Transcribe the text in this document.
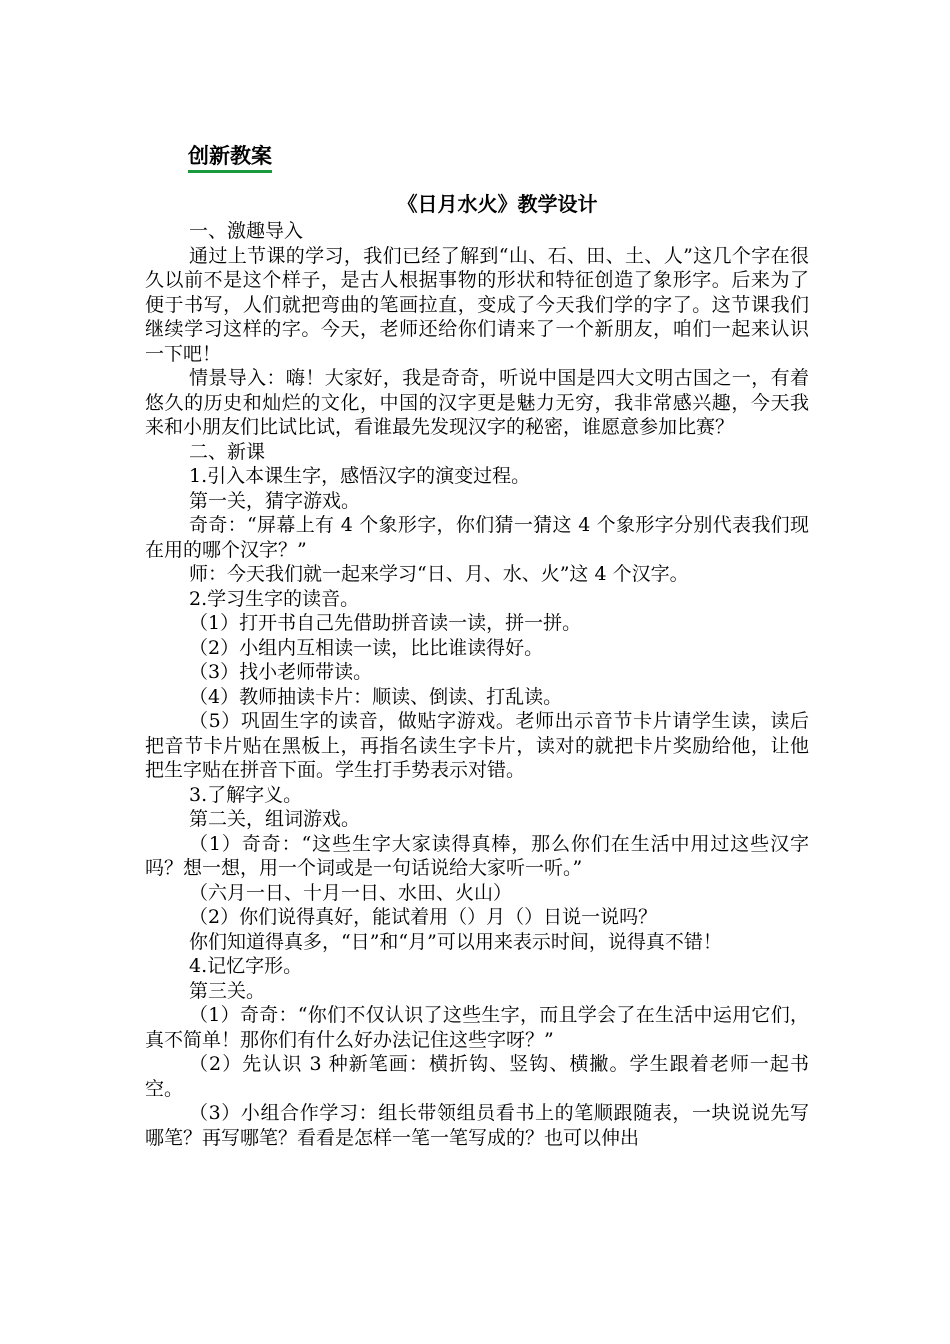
创新教案
《日月水火》教学设计

一、激趣导入

通过上节课的学习，我们已经了解到“山、石、田、土、人”这几个字在很久以前不是这个样子，是古人根据事物的形状和特征创造了象形字。后来为了便于书写，人们就把弯曲的笔画拉直，变成了今天我们学的字了。这节课我们继续学习这样的字。今天，老师还给你们请来了一个新朋友，咱们一起来认识一下吧！

情景导入：嗨！大家好，我是奇奇，听说中国是四大文明古国之一，有着悠久的历史和灿烂的文化，中国的汉字更是魅力无穷，我非常感兴趣，今天我来和小朋友们比试比试，看谁最先发现汉字的秘密，谁愿意参加比赛？

二、新课

1.引入本课生字，感悟汉字的演变过程。

第一关，猜字游戏。

奇奇：“屏幕上有 4 个象形字，你们猜一猜这 4 个象形字分别代表我们现在用的哪个汉字？”

师：今天我们就一起来学习“日、月、水、火”这 4 个汉字。

2.学习生字的读音。

（1）打开书自己先借助拼音读一读，拼一拼。

（2）小组内互相读一读，比比谁读得好。

（3）找小老师带读。

（4）教师抽读卡片：顺读、倒读、打乱读。

（5）巩固生字的读音，做贴字游戏。老师出示音节卡片请学生读，读后把音节卡片贴在黑板上，再指名读生字卡片，读对的就把卡片奖励给他，让他把生字贴在拼音下面。学生打手势表示对错。

3.了解字义。

第二关，组词游戏。

（1）奇奇：“这些生字大家读得真棒，那么你们在生活中用过这些汉字吗？想一想，用一个词或是一句话说给大家听一听。”

（六月一日、十月一日、水田、火山）

（2）你们说得真好，能试着用（）月（）日说一说吗？

你们知道得真多，“日”和“月”可以用来表示时间，说得真不错！

4.记忆字形。

第三关。

（1）奇奇：“你们不仅认识了这些生字，而且学会了在生活中运用它们，真不简单！那你们有什么好办法记住这些字呀？”

（2）先认识 3 种新笔画：横折钩、竖钩、横撇。学生跟着老师一起书空。

（3）小组合作学习：组长带领组员看书上的笔顺跟随表，一块说说先写哪笔？再写哪笔？看看是怎样一笔一笔写成的？也可以伸出
